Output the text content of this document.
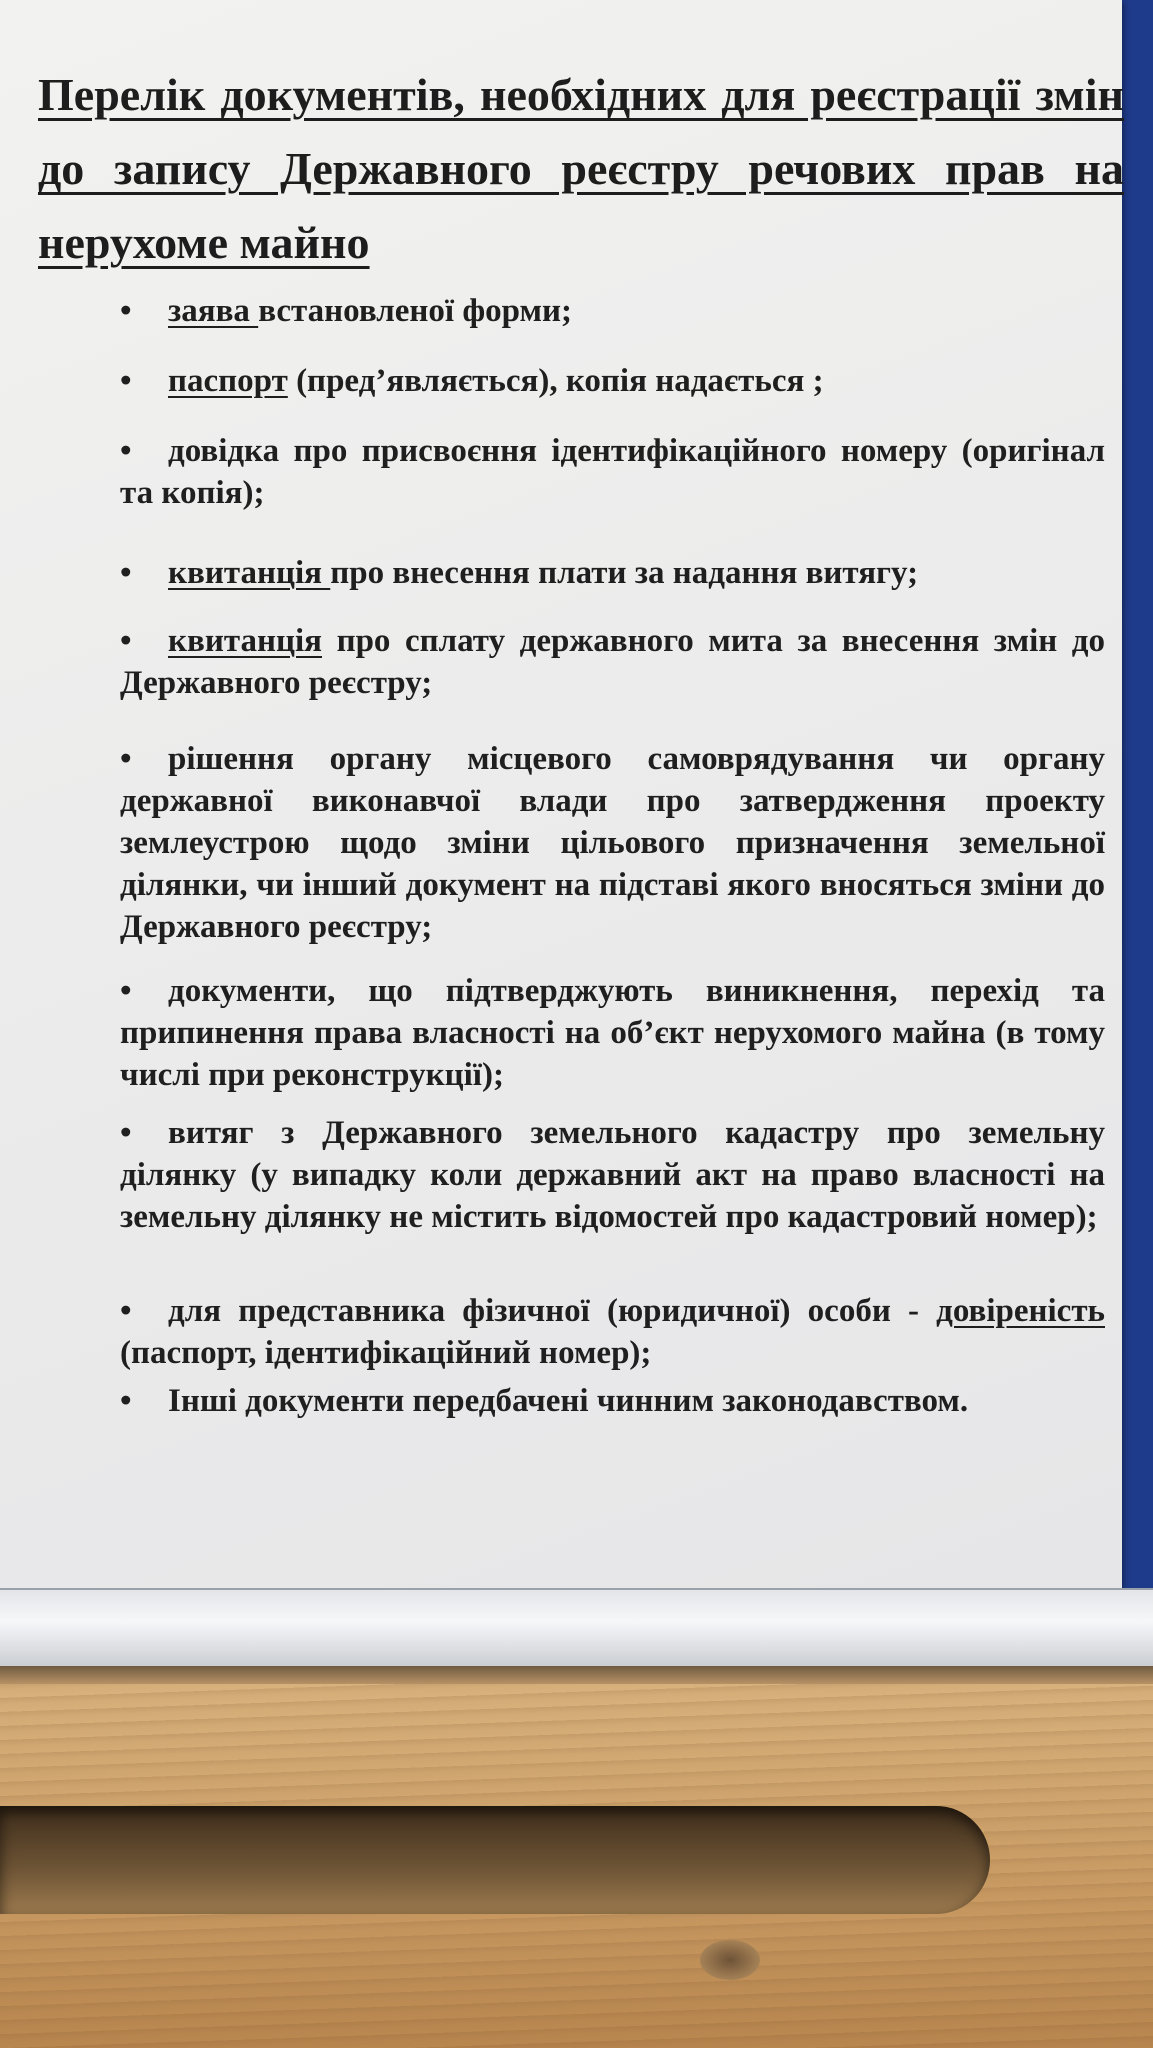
Перелік документів, необхідних для реєстрації змін до запису Державного реєстру речових прав на нерухоме майно
• заява встановленої форми;
• паспорт (пред’являється), копія надається ;
• довідка про присвоєння ідентифікаційного номеру (оригінал та копія);
• квитанція про внесення плати за надання витягу;
• квитанція про сплату державного мита за внесення змін до Державного реєстру;
• рішення органу місцевого самоврядування чи органу державної виконавчої влади про затвердження проекту землеустрою щодо зміни цільового призначення земельної ділянки, чи інший документ на підставі якого вносяться зміни до Державного реєстру;
• документи, що підтверджують виникнення, перехід та припинення права власності на об’єкт нерухомого майна (в тому числі при реконструкції);
• витяг з Державного земельного кадастру про земельну ділянку (у випадку коли державний акт на право власності на земельну ділянку не містить відомостей про кадастровий номер);
• для представника фізичної (юридичної) особи - довіреність (паспорт, ідентифікаційний номер);
• Інші документи передбачені чинним законодавством.
